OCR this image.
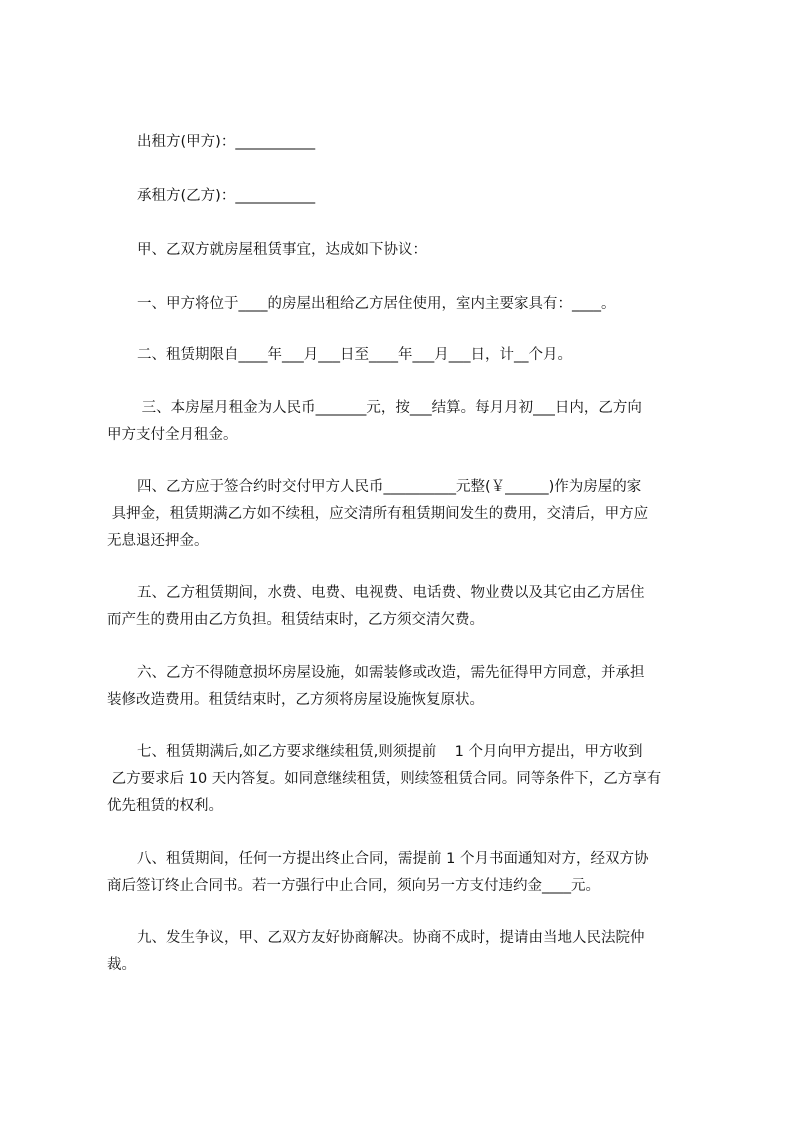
出租方(甲方)：___________
承租方(乙方)：___________
甲、乙双方就房屋租赁事宜，达成如下协议：
一、甲方将位于____的房屋出租给乙方居住使用，室内主要家具有：____。
二、租赁期限自____年___月___日至____年___月___日，计__个月。
三、本房屋月租金为人民币_______元，按___结算。每月月初___日内，乙方向
甲方支付全月租金。
四、乙方应于签合约时交付甲方人民币__________元整(￥______)作为房屋的家
具押金，租赁期满乙方如不续租，应交清所有租赁期间发生的费用，交清后，甲方应
无息退还押金。
五、乙方租赁期间，水费、电费、电视费、电话费、物业费以及其它由乙方居住
而产生的费用由乙方负担。租赁结束时，乙方须交清欠费。
六、乙方不得随意损坏房屋设施，如需装修或改造，需先征得甲方同意，并承担
装修改造费用。租赁结束时，乙方须将房屋设施恢复原状。
七、租赁期满后,如乙方要求继续租赁,则须提前    1 个月向甲方提出，甲方收到
乙方要求后 10 天内答复。如同意继续租赁，则续签租赁合同。同等条件下，乙方享有
优先租赁的权利。
八、租赁期间，任何一方提出终止合同，需提前 1 个月书面通知对方，经双方协
商后签订终止合同书。若一方强行中止合同，须向另一方支付违约金____元。
九、发生争议，甲、乙双方友好协商解决。协商不成时，提请由当地人民法院仲
裁。
